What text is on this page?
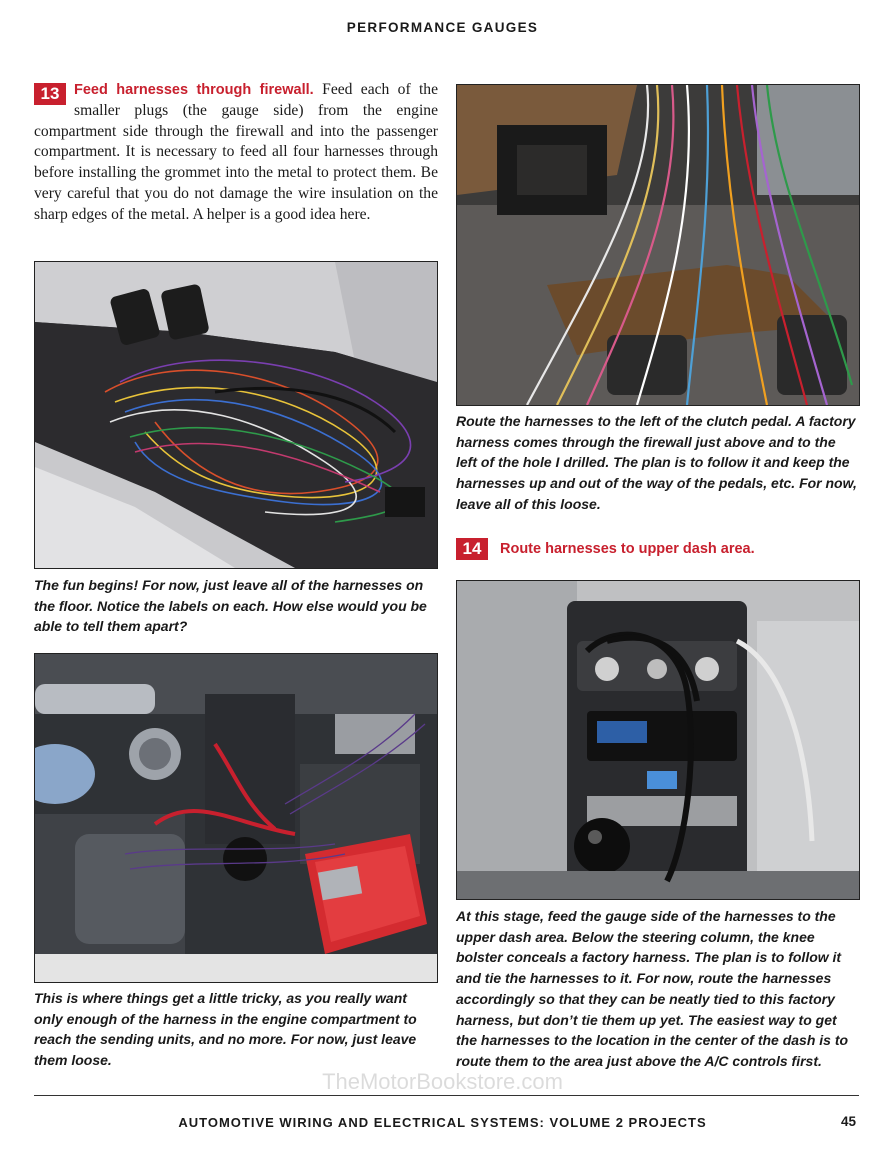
PERFORMANCE GAUGES
13	Feed harnesses through firewall. Feed each of the smaller plugs (the gauge side) from the engine compartment side through the firewall and into the passenger compartment. It is necessary to feed all four harnesses through before installing the grommet into the metal to protect them. Be very careful that you do not damage the wire insulation on the sharp edges of the metal. A helper is a good idea here.
The fun begins! For now, just leave all of the harnesses on the floor. Notice the labels on each. How else would you be able to tell them apart?
This is where things get a little tricky, as you really want only enough of the harness in the engine compartment to reach the sending units, and no more. For now, just leave them loose.
Route the harnesses to the left of the clutch pedal. A factory harness comes through the firewall just above and to the left of the hole I drilled. The plan is to follow it and keep the harnesses up and out of the way of the pedals, etc. For now, leave all of this loose.
14 Route harnesses to upper dash area.
At this stage, feed the gauge side of the harnesses to the upper dash area. Below the steering column, the knee bolster conceals a factory harness. The plan is to follow it and tie the harnesses to it. For now, route the harnesses accordingly so that they can be neatly tied to this factory harness, but don’t tie them up yet. The easiest way to get the harnesses to the location in the center of the dash is to route them to the area just above the A/C controls first.
TheMotorBookstore.com
AUTOMOTIVE WIRING AND ELECTRICAL SYSTEMS: VOLUME 2 PROJECTS	45
